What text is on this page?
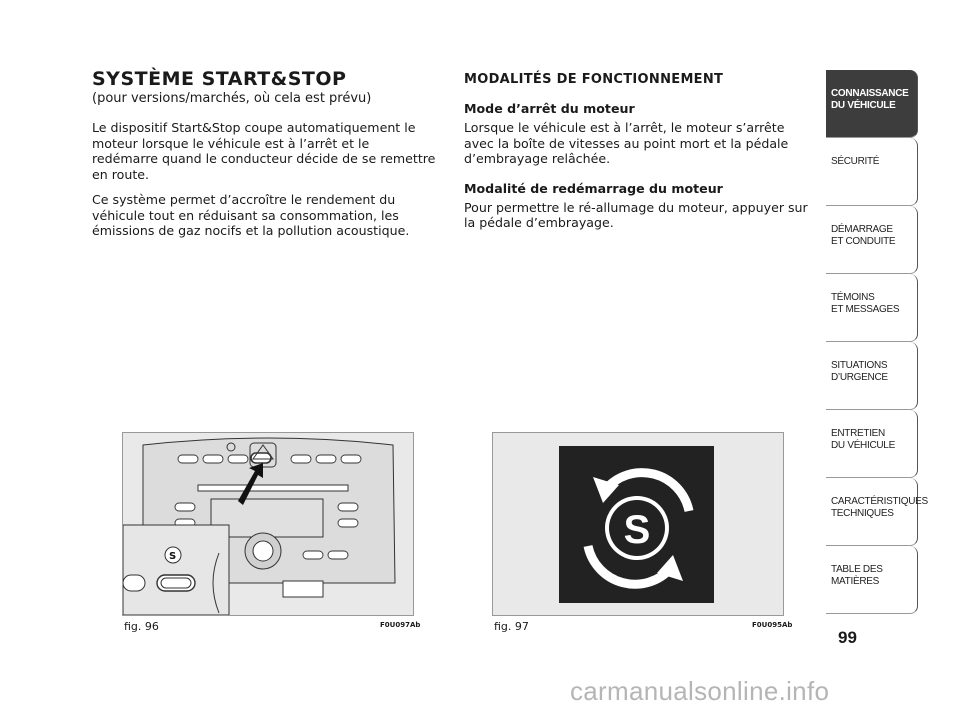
SYSTÈME START&STOP
(pour versions/marchés, où cela est prévu)

Le dispositif Start&Stop coupe automatiquement le moteur lorsque le véhicule est à l’arrêt et le redémarre quand le conducteur décide de se remettre en route.

Ce système permet d’accroître le rendement du véhicule tout en réduisant sa consommation, les émissions de gaz nocifs et la pollution acoustique.

MODALITÉS DE FONCTIONNEMENT
Mode d’arrêt du moteur

Lorsque le véhicule est à l’arrêt, le moteur s’arrête avec la boîte de vitesses au point mort et la pédale d’embrayage relâchée.

Modalité de redémarrage du moteur

Pour permettre le ré-allumage du moteur, appuyer sur la pédale d’embrayage.

S
fig. 96	F0U097Ab
S
fig. 97	F0U095Ab
CONNAISSANCE
DU VÉHICULE
SÉCURITÉ
DÉMARRAGE
ET CONDUITE
TÉMOINS
ET MESSAGES
SITUATIONS
D’URGENCE
ENTRETIEN
DU VÉHICULE
CARACTÉRISTIQUES
TECHNIQUES
TABLE DES
MATIÈRES
99
carmanualsonline.info
